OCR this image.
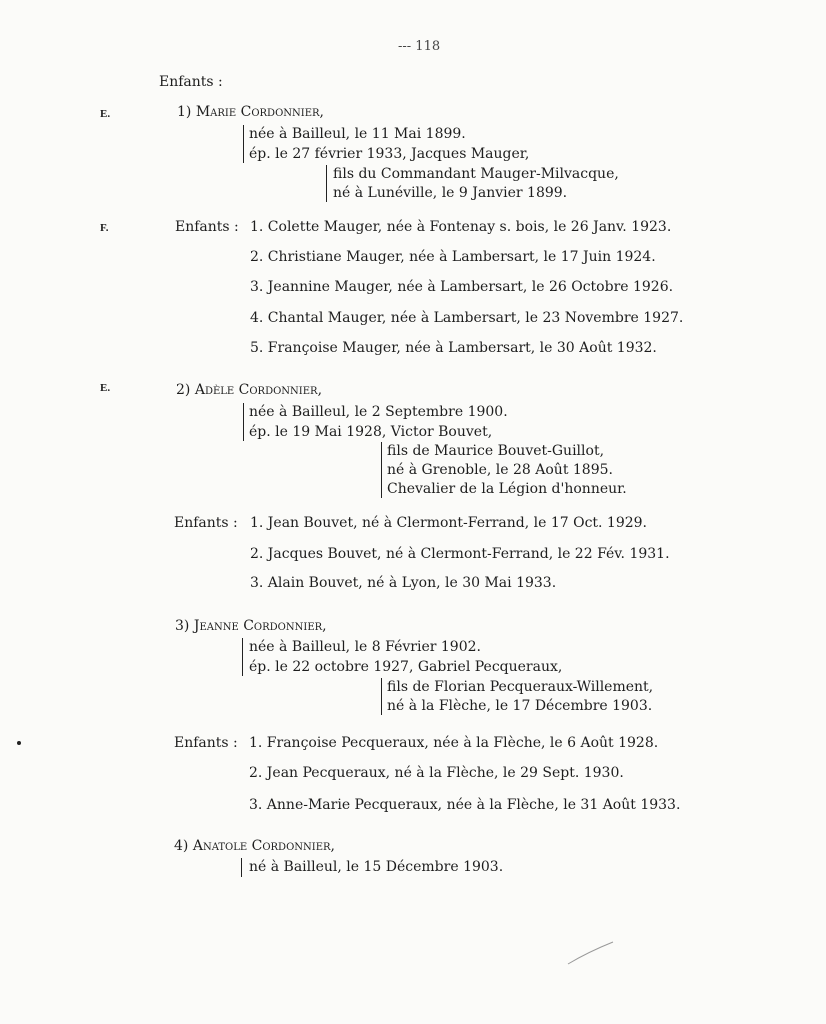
--- 118
Enfants :
E.
F.
E.
1) Marie Cordonnier,
née à Bailleul, le 11 Mai 1899.
ép. le 27 février 1933, Jacques Mauger,
fils du Commandant Mauger-Milvacque,
né à Lunéville, le 9 Janvier 1899.
Enfants : 1. Colette Mauger, née à Fontenay s. bois, le 26 Janv. 1923.
2. Christiane Mauger, née à Lambersart, le 17 Juin 1924.
3. Jeannine Mauger, née à Lambersart, le 26 Octobre 1926.
4. Chantal Mauger, née à Lambersart, le 23 Novembre 1927.
5. Françoise Mauger, née à Lambersart, le 30 Août 1932.
2) Adèle Cordonnier,
née à Bailleul, le 2 Septembre 1900.
ép. le 19 Mai 1928, Victor Bouvet,
fils de Maurice Bouvet-Guillot,
né à Grenoble, le 28 Août 1895.
Chevalier de la Légion d'honneur.
Enfants : 1. Jean Bouvet, né à Clermont-Ferrand, le 17 Oct. 1929.
2. Jacques Bouvet, né à Clermont-Ferrand, le 22 Fév. 1931.
3. Alain Bouvet, né à Lyon, le 30 Mai 1933.
3) Jeanne Cordonnier,
née à Bailleul, le 8 Février 1902.
ép. le 22 octobre 1927, Gabriel Pecqueraux,
fils de Florian Pecqueraux-Willement,
né à la Flèche, le 17 Décembre 1903.
Enfants : 1. Françoise Pecqueraux, née à la Flèche, le 6 Août 1928.
2. Jean Pecqueraux, né à la Flèche, le 29 Sept. 1930.
3. Anne-Marie Pecqueraux, née à la Flèche, le 31 Août 1933.
4) Anatole Cordonnier,
né à Bailleul, le 15 Décembre 1903.
